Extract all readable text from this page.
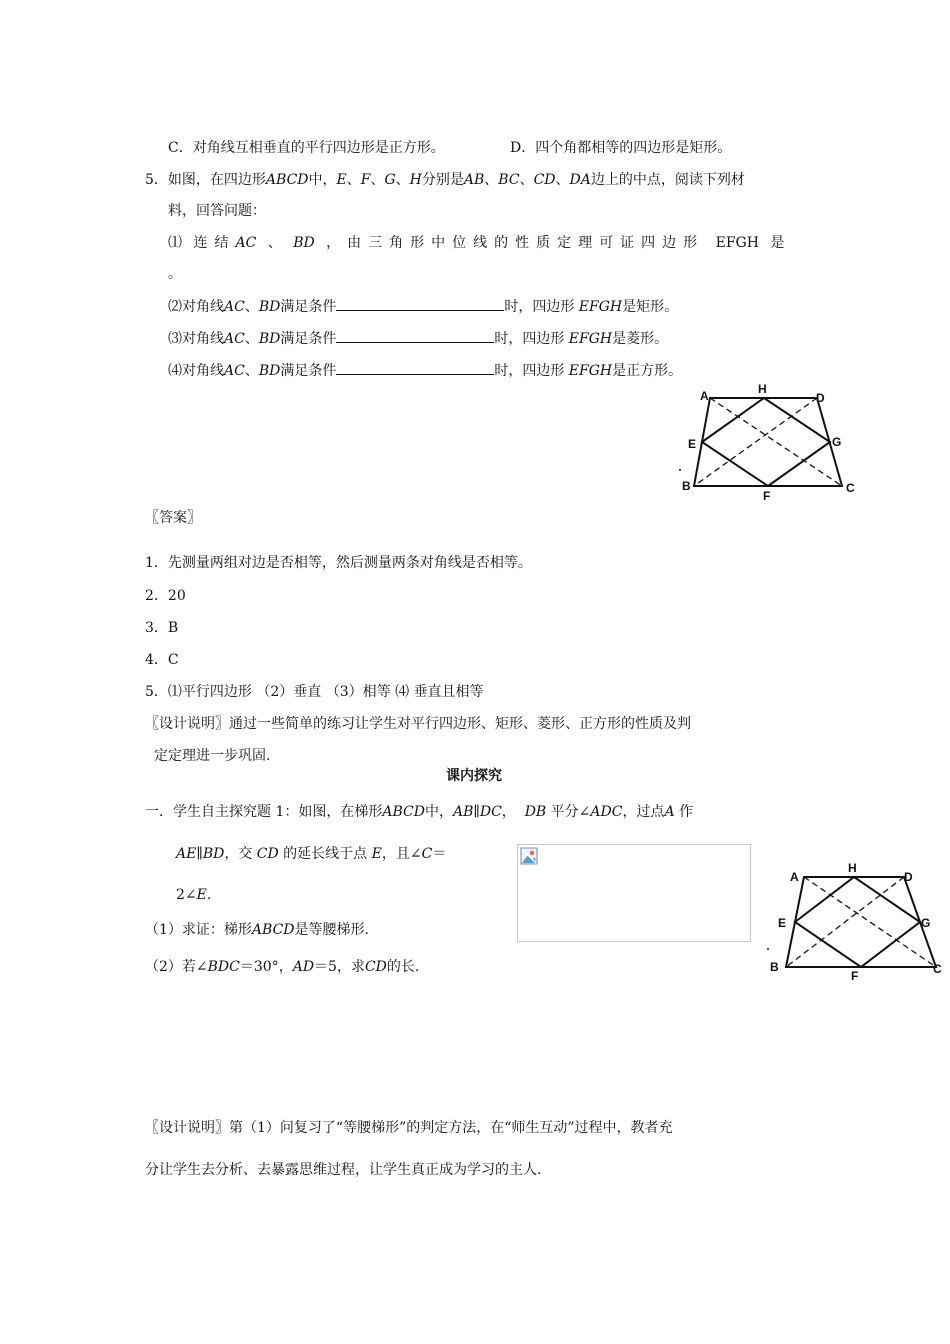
C．对角线互相垂直的平行四边形是正方形。	D．四个角都相等的四边形是矩形。
5．如图，在四边形ABCD中，E、F、G、H分别是AB、BC、CD、DA边上的中点，阅读下列材
料，回答问题：
⑴ 连结AC 、 BD ，由三角形中位线的性质定理可证四边形 EFGH 是
。
⑵对角线AC、BD满足条件	时，四边形 EFGH是矩形。
⑶对角线AC、BD满足条件	时，四边形 EFGH是菱形。
⑷对角线AC、BD满足条件	时，四边形 EFGH是正方形。
A
B	C
D
E
F
G
H
〖答案〗
1．先测量两组对边是否相等，然后测量两条对角线是否相等。
2．20
3．B
4．C
5．⑴平行四边形 （2）垂直 （3）相等 ⑷ 垂直且相等
〖设计说明〗通过一些简单的练习让学生对平行四边形、矩形、菱形、正方形的性质及判
定定理进一步巩固.
课内探究
一．学生自主探究题 1：如图，在梯形ABCD中，AB∥DC， DB 平分∠ADC，过点A 作
AE∥BD，交 CD 的延长线于点 E，且∠C＝
2∠E.
（1）求证：梯形ABCD是等腰梯形.
（2）若∠BDC＝30°，AD＝5，求CD的长.
A
B	C
D
E
F
G
H
〖设计说明〗第（1）问复习了“等腰梯形”的判定方法，在“师生互动”过程中，教者充
分让学生去分析、去暴露思维过程，让学生真正成为学习的主人.
